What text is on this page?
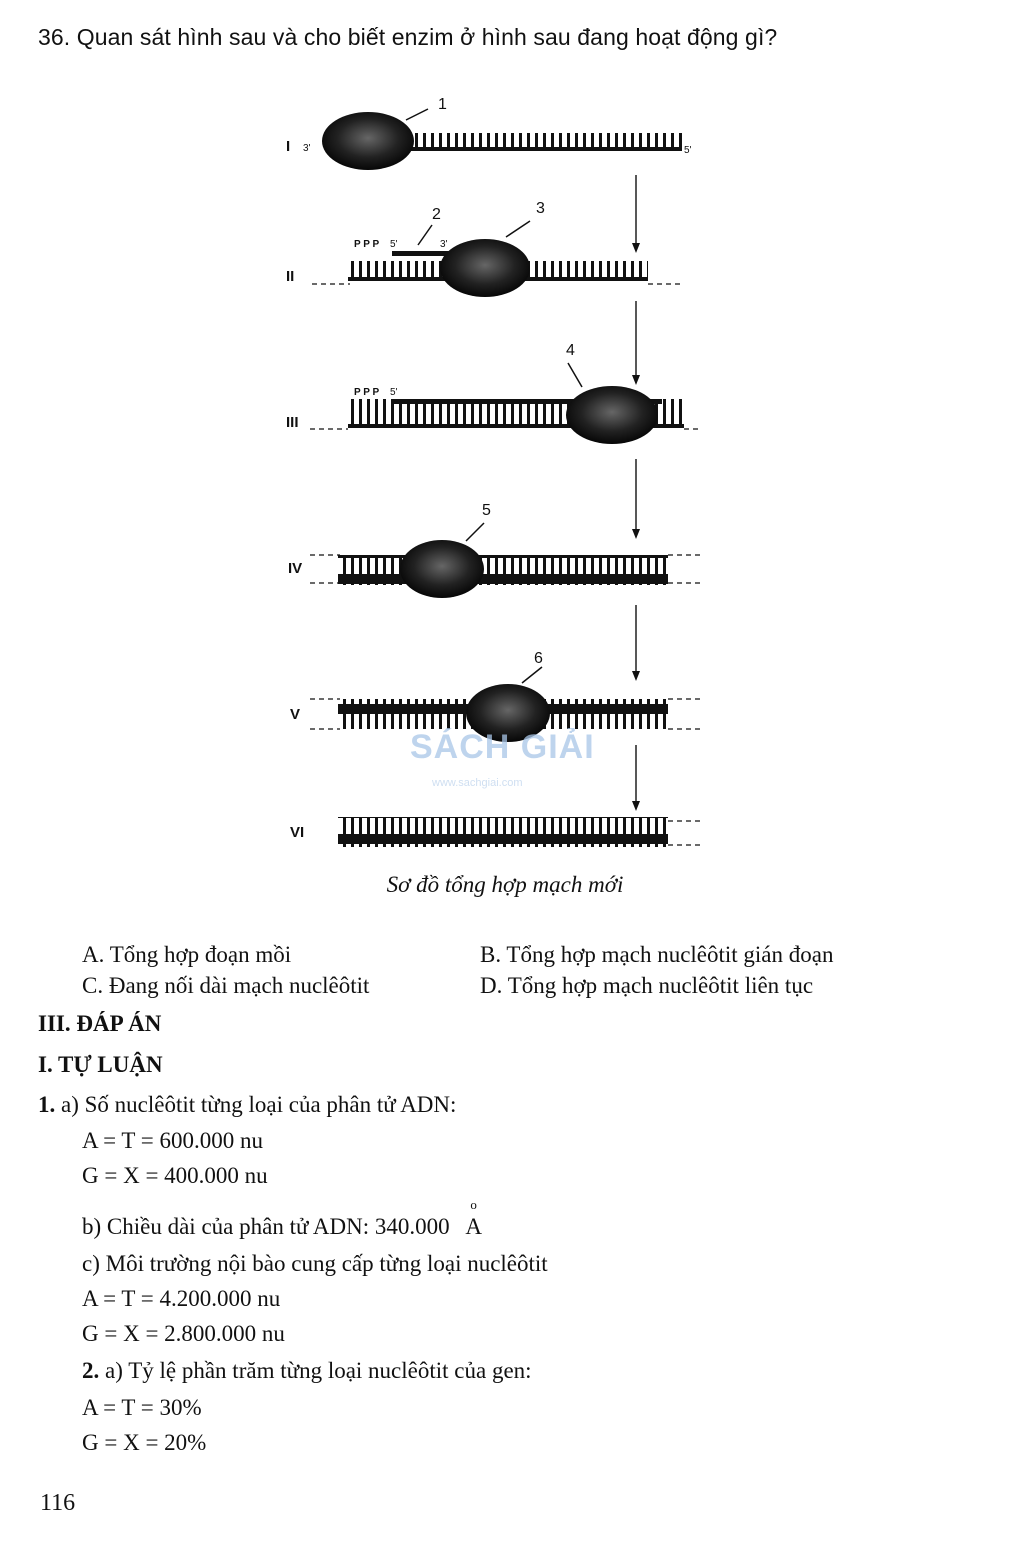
36. Quan sát hình sau và cho biết enzim ở hình sau đang hoạt động gì?
I 3'	5'
1
P P P 5'	3'
II
2	3
P P P 5'
III
4
IV
5
V
6
VI
SÁCH GIẢI
www.sachgiai.com
Sơ đồ tổng hợp mạch mới
A. Tổng hợp đoạn mồi	B. Tổng hợp mạch nuclêôtit gián đoạn
C. Đang nối dài mạch nuclêôtit	D. Tổng hợp mạch nuclêôtit liên tục
III. ĐÁP ÁN
I. TỰ LUẬN
1. a) Số nuclêôtit từng loại của phân tử ADN:
A = T = 600.000 nu
G = X = 400.000 nu
b) Chiều dài của phân tử ADN: 340.000
o
A
c) Môi trường nội bào cung cấp từng loại nuclêôtit
A = T = 4.200.000 nu
G = X = 2.800.000 nu
2. a) Tỷ lệ phần trăm từng loại nuclêôtit của gen:
A = T = 30%
G = X = 20%
116
